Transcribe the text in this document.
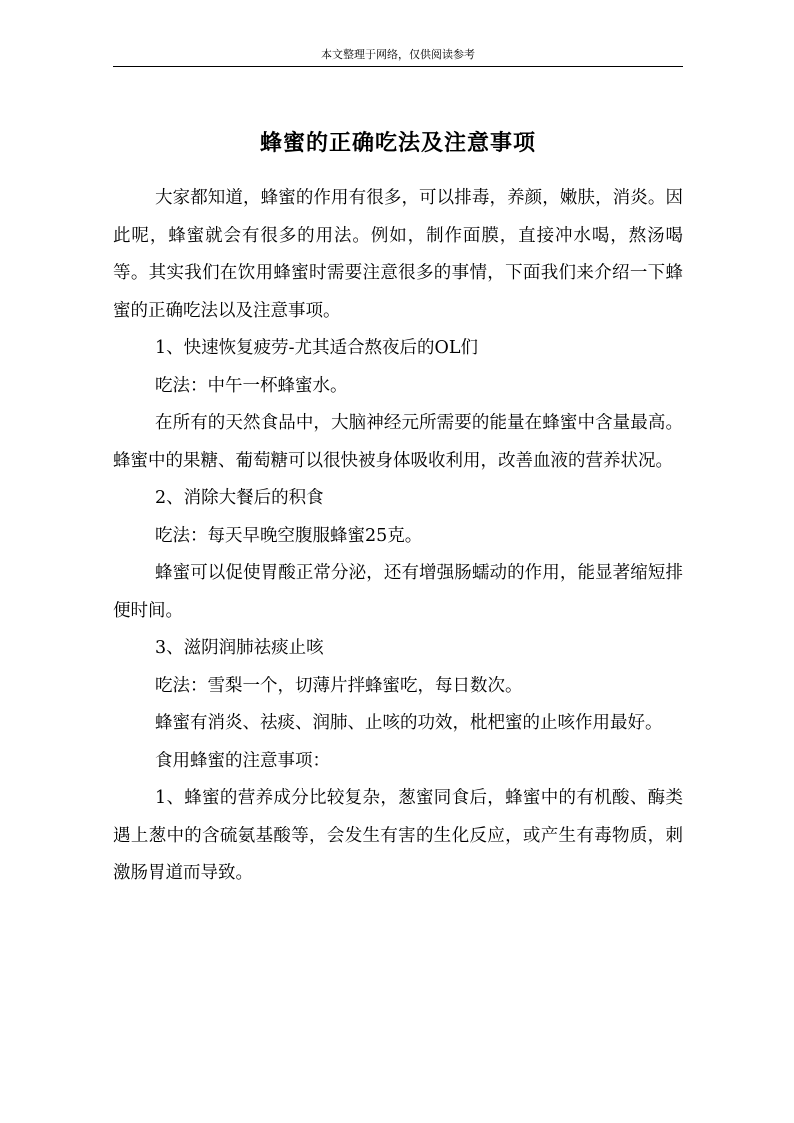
本文整理于网络，仅供阅读参考
蜂蜜的正确吃法及注意事项

大家都知道，蜂蜜的作用有很多，可以排毒，养颜，嫩肤，消炎。因此呢，蜂蜜就会有很多的用法。例如，制作面膜，直接冲水喝，熬汤喝等。其实我们在饮用蜂蜜时需要注意很多的事情，下面我们来介绍一下蜂蜜的正确吃法以及注意事项。

1、快速恢复疲劳-尤其适合熬夜后的OL们

吃法：中午一杯蜂蜜水。

在所有的天然食品中，大脑神经元所需要的能量在蜂蜜中含量最高。蜂蜜中的果糖、葡萄糖可以很快被身体吸收利用，改善血液的营养状况。

2、消除大餐后的积食

吃法：每天早晚空腹服蜂蜜25克。

蜂蜜可以促使胃酸正常分泌，还有增强肠蠕动的作用，能显著缩短排便时间。

3、滋阴润肺祛痰止咳

吃法：雪梨一个，切薄片拌蜂蜜吃，每日数次。

蜂蜜有消炎、祛痰、润肺、止咳的功效，枇杷蜜的止咳作用最好。

食用蜂蜜的注意事项：

1、蜂蜜的营养成分比较复杂，葱蜜同食后，蜂蜜中的有机酸、酶类遇上葱中的含硫氨基酸等，会发生有害的生化反应，或产生有毒物质，刺激肠胃道而导致。
